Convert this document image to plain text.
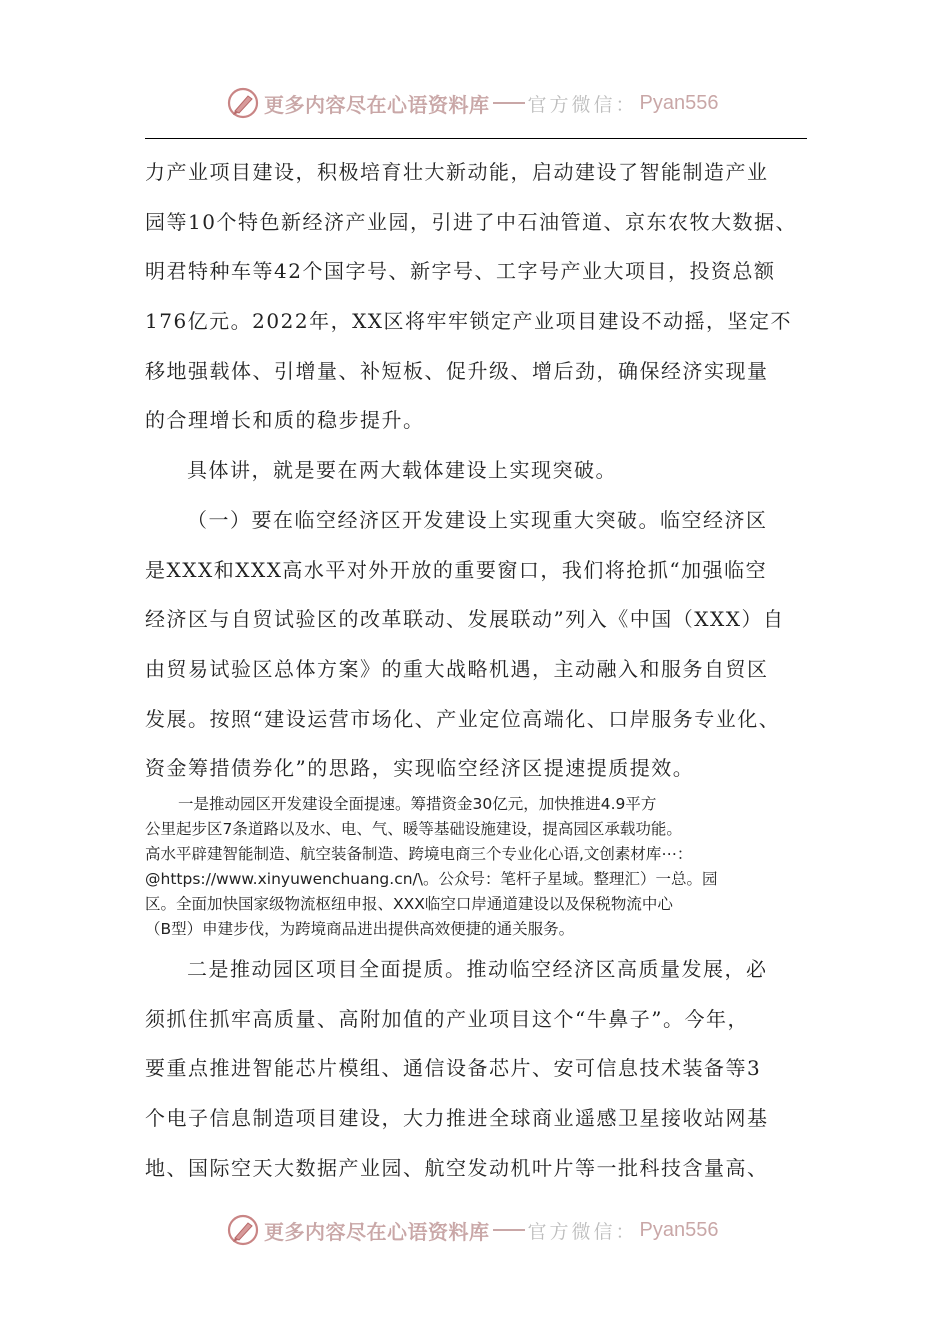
更多内容尽在心语资料库 官方微信： Pyan556

力产业项目建设，积极培育壮大新动能，启动建设了智能制造产业
园等10个特色新经济产业园，引进了中石油管道、京东农牧大数据、
明君特种车等42个国字号、新字号、工字号产业大项目，投资总额
176亿元。2022年，XX区将牢牢锁定产业项目建设不动摇，坚定不
移地强载体、引增量、补短板、促升级、增后劲，确保经济实现量
的合理增长和质的稳步提升。

具体讲，就是要在两大载体建设上实现突破。

（一）要在临空经济区开发建设上实现重大突破。临空经济区
是XXX和XXX高水平对外开放的重要窗口，我们将抢抓“加强临空
经济区与自贸试验区的改革联动、发展联动”列入《中国（XXX）自
由贸易试验区总体方案》的重大战略机遇，主动融入和服务自贸区
发展。按照“建设运营市场化、产业定位高端化、口岸服务专业化、
资金筹措债券化”的思路，实现临空经济区提速提质提效。

一是推动园区开发建设全面提速。筹措资金30亿元，加快推进4.9平方
公里起步区7条道路以及水、电、气、暖等基础设施建设，提高园区承载功能。
高水平辟建智能制造、航空装备制造、跨境电商三个专业化心语,文创素材库⋯：
@https://www.xinyuwenchuang.cn/\。公众号：笔杆子星域。整理汇）一总。园
区。全面加快国家级物流枢纽申报、XXX临空口岸通道建设以及保税物流中心
（B型）申建步伐，为跨境商品进出提供高效便捷的通关服务。

二是推动园区项目全面提质。推动临空经济区高质量发展，必
须抓住抓牢高质量、高附加值的产业项目这个“牛鼻子”。今年，
要重点推进智能芯片模组、通信设备芯片、安可信息技术装备等3
个电子信息制造项目建设，大力推进全球商业遥感卫星接收站网基
地、国际空天大数据产业园、航空发动机叶片等一批科技含量高、

更多内容尽在心语资料库 官方微信： Pyan556
